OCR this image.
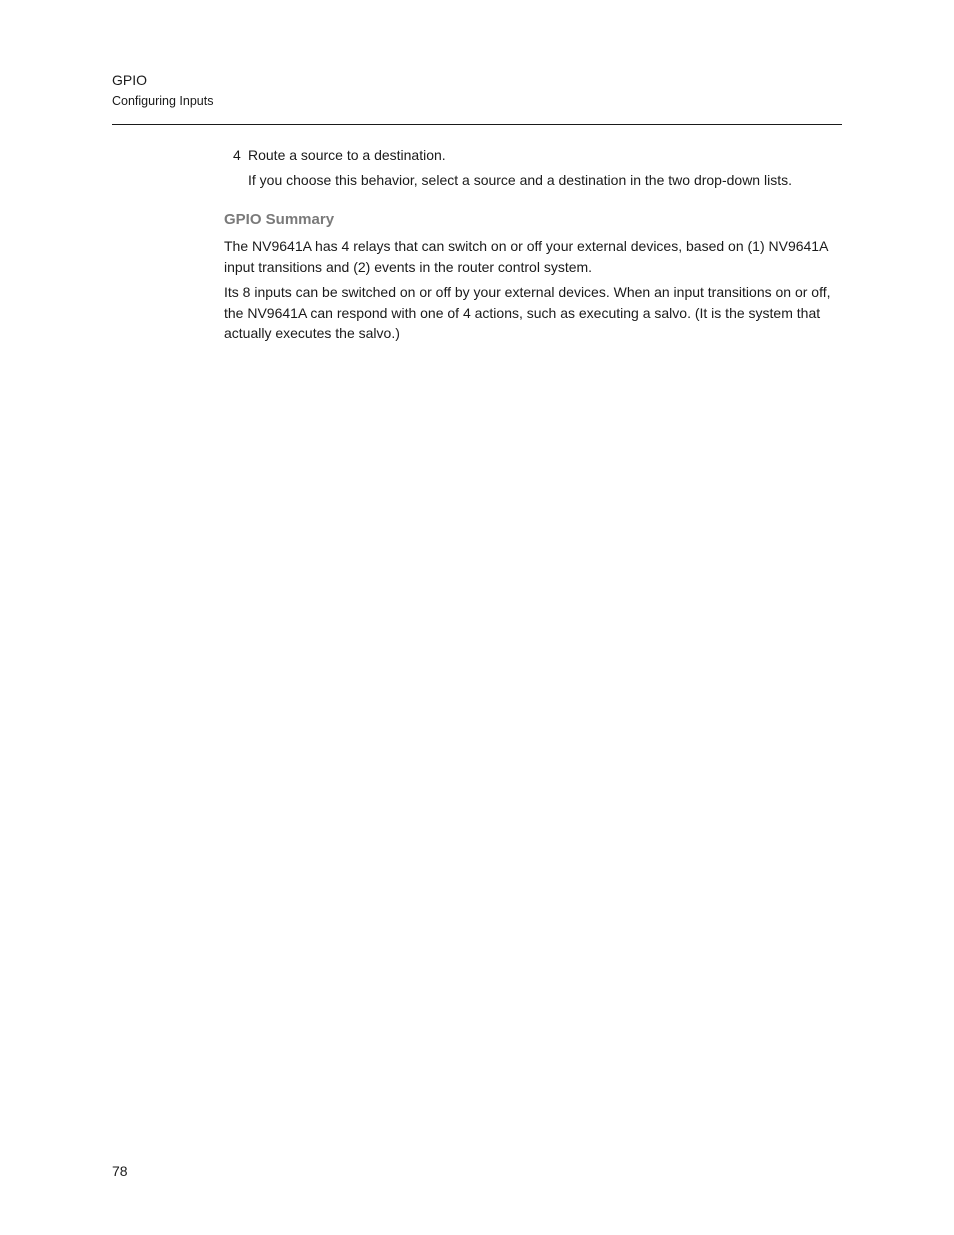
GPIO
Configuring Inputs
4 Route a source to a destination.
If you choose this behavior, select a source and a destination in the two drop-down lists.
GPIO Summary
The NV9641A has 4 relays that can switch on or off your external devices, based on (1) NV9641A input transitions and (2) events in the router control system.
Its 8 inputs can be switched on or off by your external devices. When an input transitions on or off, the NV9641A can respond with one of 4 actions, such as executing a salvo. (It is the system that actually executes the salvo.)
78
